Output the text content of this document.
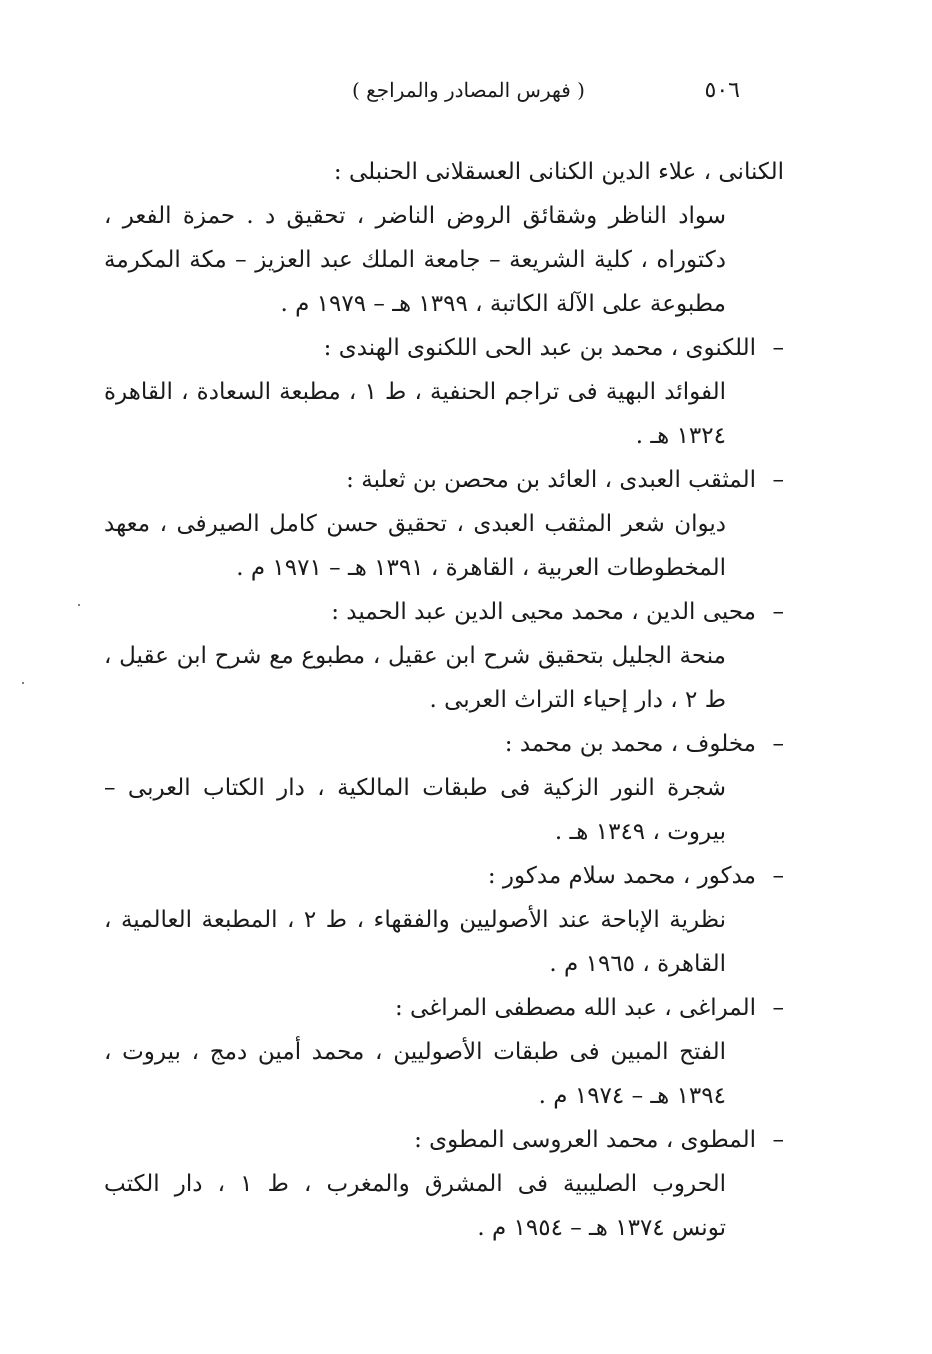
٥٠٦
( فهرس المصادر والمراجع )
الكنانى ، علاء الدين الكنانى العسقلانى الحنبلى :
سواد الناظر وشقائق الروض الناضر ، تحقيق د . حمزة الفعر ،
دكتوراه ، كلية الشريعة – جامعة الملك عبد العزيز – مكة المكرمة
مطبوعة على الآلة الكاتبة ، ١٣٩٩ هـ – ١٩٧٩ م .
–اللكنوى ، محمد بن عبد الحى اللكنوى الهندى :
الفوائد البهية فى تراجم الحنفية ، ط ١ ، مطبعة السعادة ، القاهرة
١٣٢٤ هـ .
–المثقب العبدى ، العائد بن محصن بن ثعلبة :
ديوان شعر المثقب العبدى ، تحقيق حسن كامل الصيرفى ، معهد
المخطوطات العربية ، القاهرة ، ١٣٩١ هـ – ١٩٧١ م .
–محيى الدين ، محمد محيى الدين عبد الحميد :
منحة الجليل بتحقيق شرح ابن عقيل ، مطبوع مع شرح ابن عقيل ،
ط ٢ ، دار إحياء التراث العربى .
–مخلوف ، محمد بن محمد :
شجرة النور الزكية فى طبقات المالكية ، دار الكتاب العربى –
بيروت ، ١٣٤٩ هـ .
–مدكور ، محمد سلام مدكور :
نظرية الإباحة عند الأصوليين والفقهاء ، ط ٢ ، المطبعة العالمية ،
القاهرة ، ١٩٦٥ م .
–المراغى ، عبد الله مصطفى المراغى :
الفتح المبين فى طبقات الأصوليين ، محمد أمين دمج ، بيروت ،
١٣٩٤ هـ – ١٩٧٤ م .
–المطوى ، محمد العروسى المطوى :
الحروب الصليبية فى المشرق والمغرب ، ط ١ ، دار الكتب
تونس ١٣٧٤ هـ – ١٩٥٤ م .
